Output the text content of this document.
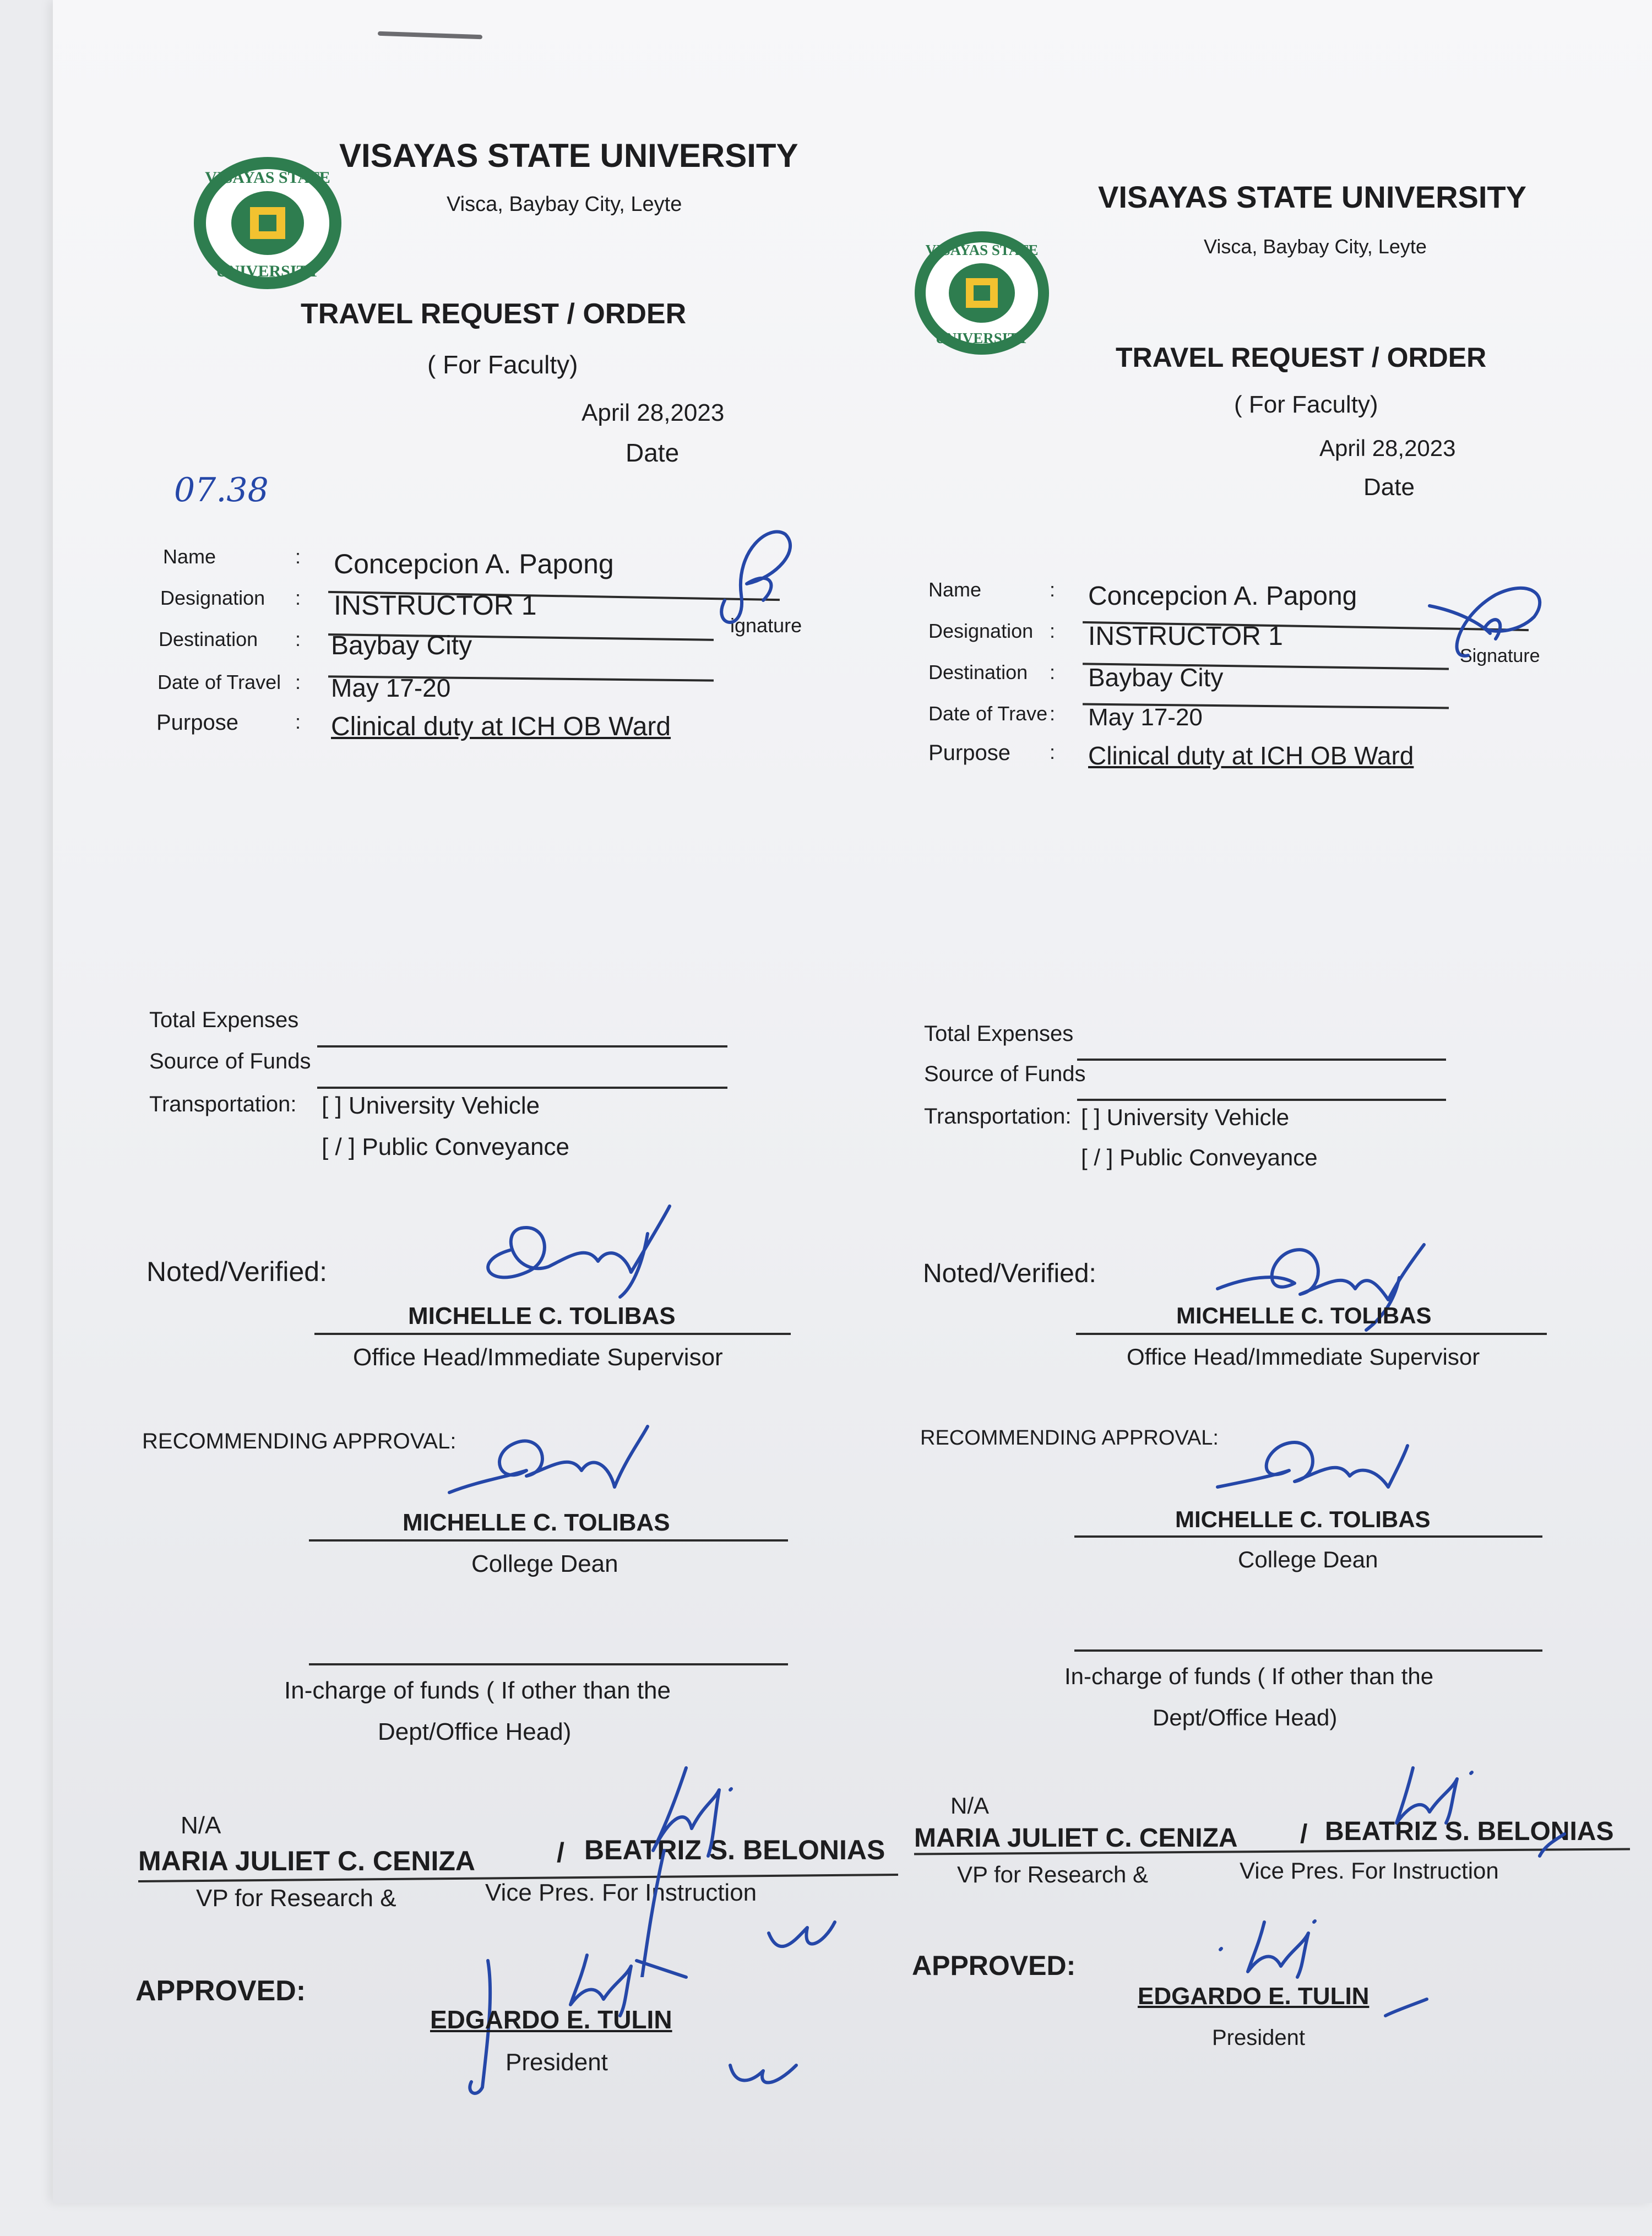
VISAYAS STATE
UNIVERSITY
VISAYAS STATE UNIVERSITY
Visca, Baybay City, Leyte
TRAVEL REQUEST / ORDER
( For Faculty)
April 28,2023
Date
07.38
Name	: Concepcion A. Papong
Designation : INSTRUCTOR 1
ignature
Destination : Baybay City
Date of Travel : May 17-20
Purpose	: Clinical duty at ICH OB Ward
Total Expenses
Source of Funds
Transportation: [ ] University Vehicle
[ / ] Public Conveyance
Noted/Verified:
MICHELLE C. TOLIBAS
Office Head/Immediate Supervisor
RECOMMENDING APPROVAL:
MICHELLE C. TOLIBAS
College Dean
In-charge of funds ( If other than the
Dept/Office Head)
N/A
MARIA JULIET C. CENIZA	/ BEATRIZ S. BELONIAS
VP for Research &	Vice Pres. For Instruction
APPROVED:
EDGARDO E. TULIN
President
VISAYAS STATE
UNIVERSITY
VISAYAS STATE UNIVERSITY
Visca, Baybay City, Leyte
TRAVEL REQUEST / ORDER
( For Faculty)
April 28,2023
Date
Name	: Concepcion A. Papong
Designation : INSTRUCTOR 1
Signature
Destination : Baybay City
Date of Trave : May 17-20
Purpose : Clinical duty at ICH OB Ward
Total Expenses
Source of Funds
Transportation: [ ] University Vehicle
[ / ] Public Conveyance
Noted/Verified:
MICHELLE C. TOLIBAS
Office Head/Immediate Supervisor
RECOMMENDING APPROVAL:
MICHELLE C. TOLIBAS
College Dean
In-charge of funds ( If other than the
Dept/Office Head)
N/A
MARIA JULIET C. CENIZA / BEATRIZ S. BELONIAS
VP for Research &	Vice Pres. For Instruction
APPROVED:
EDGARDO E. TULIN
President
